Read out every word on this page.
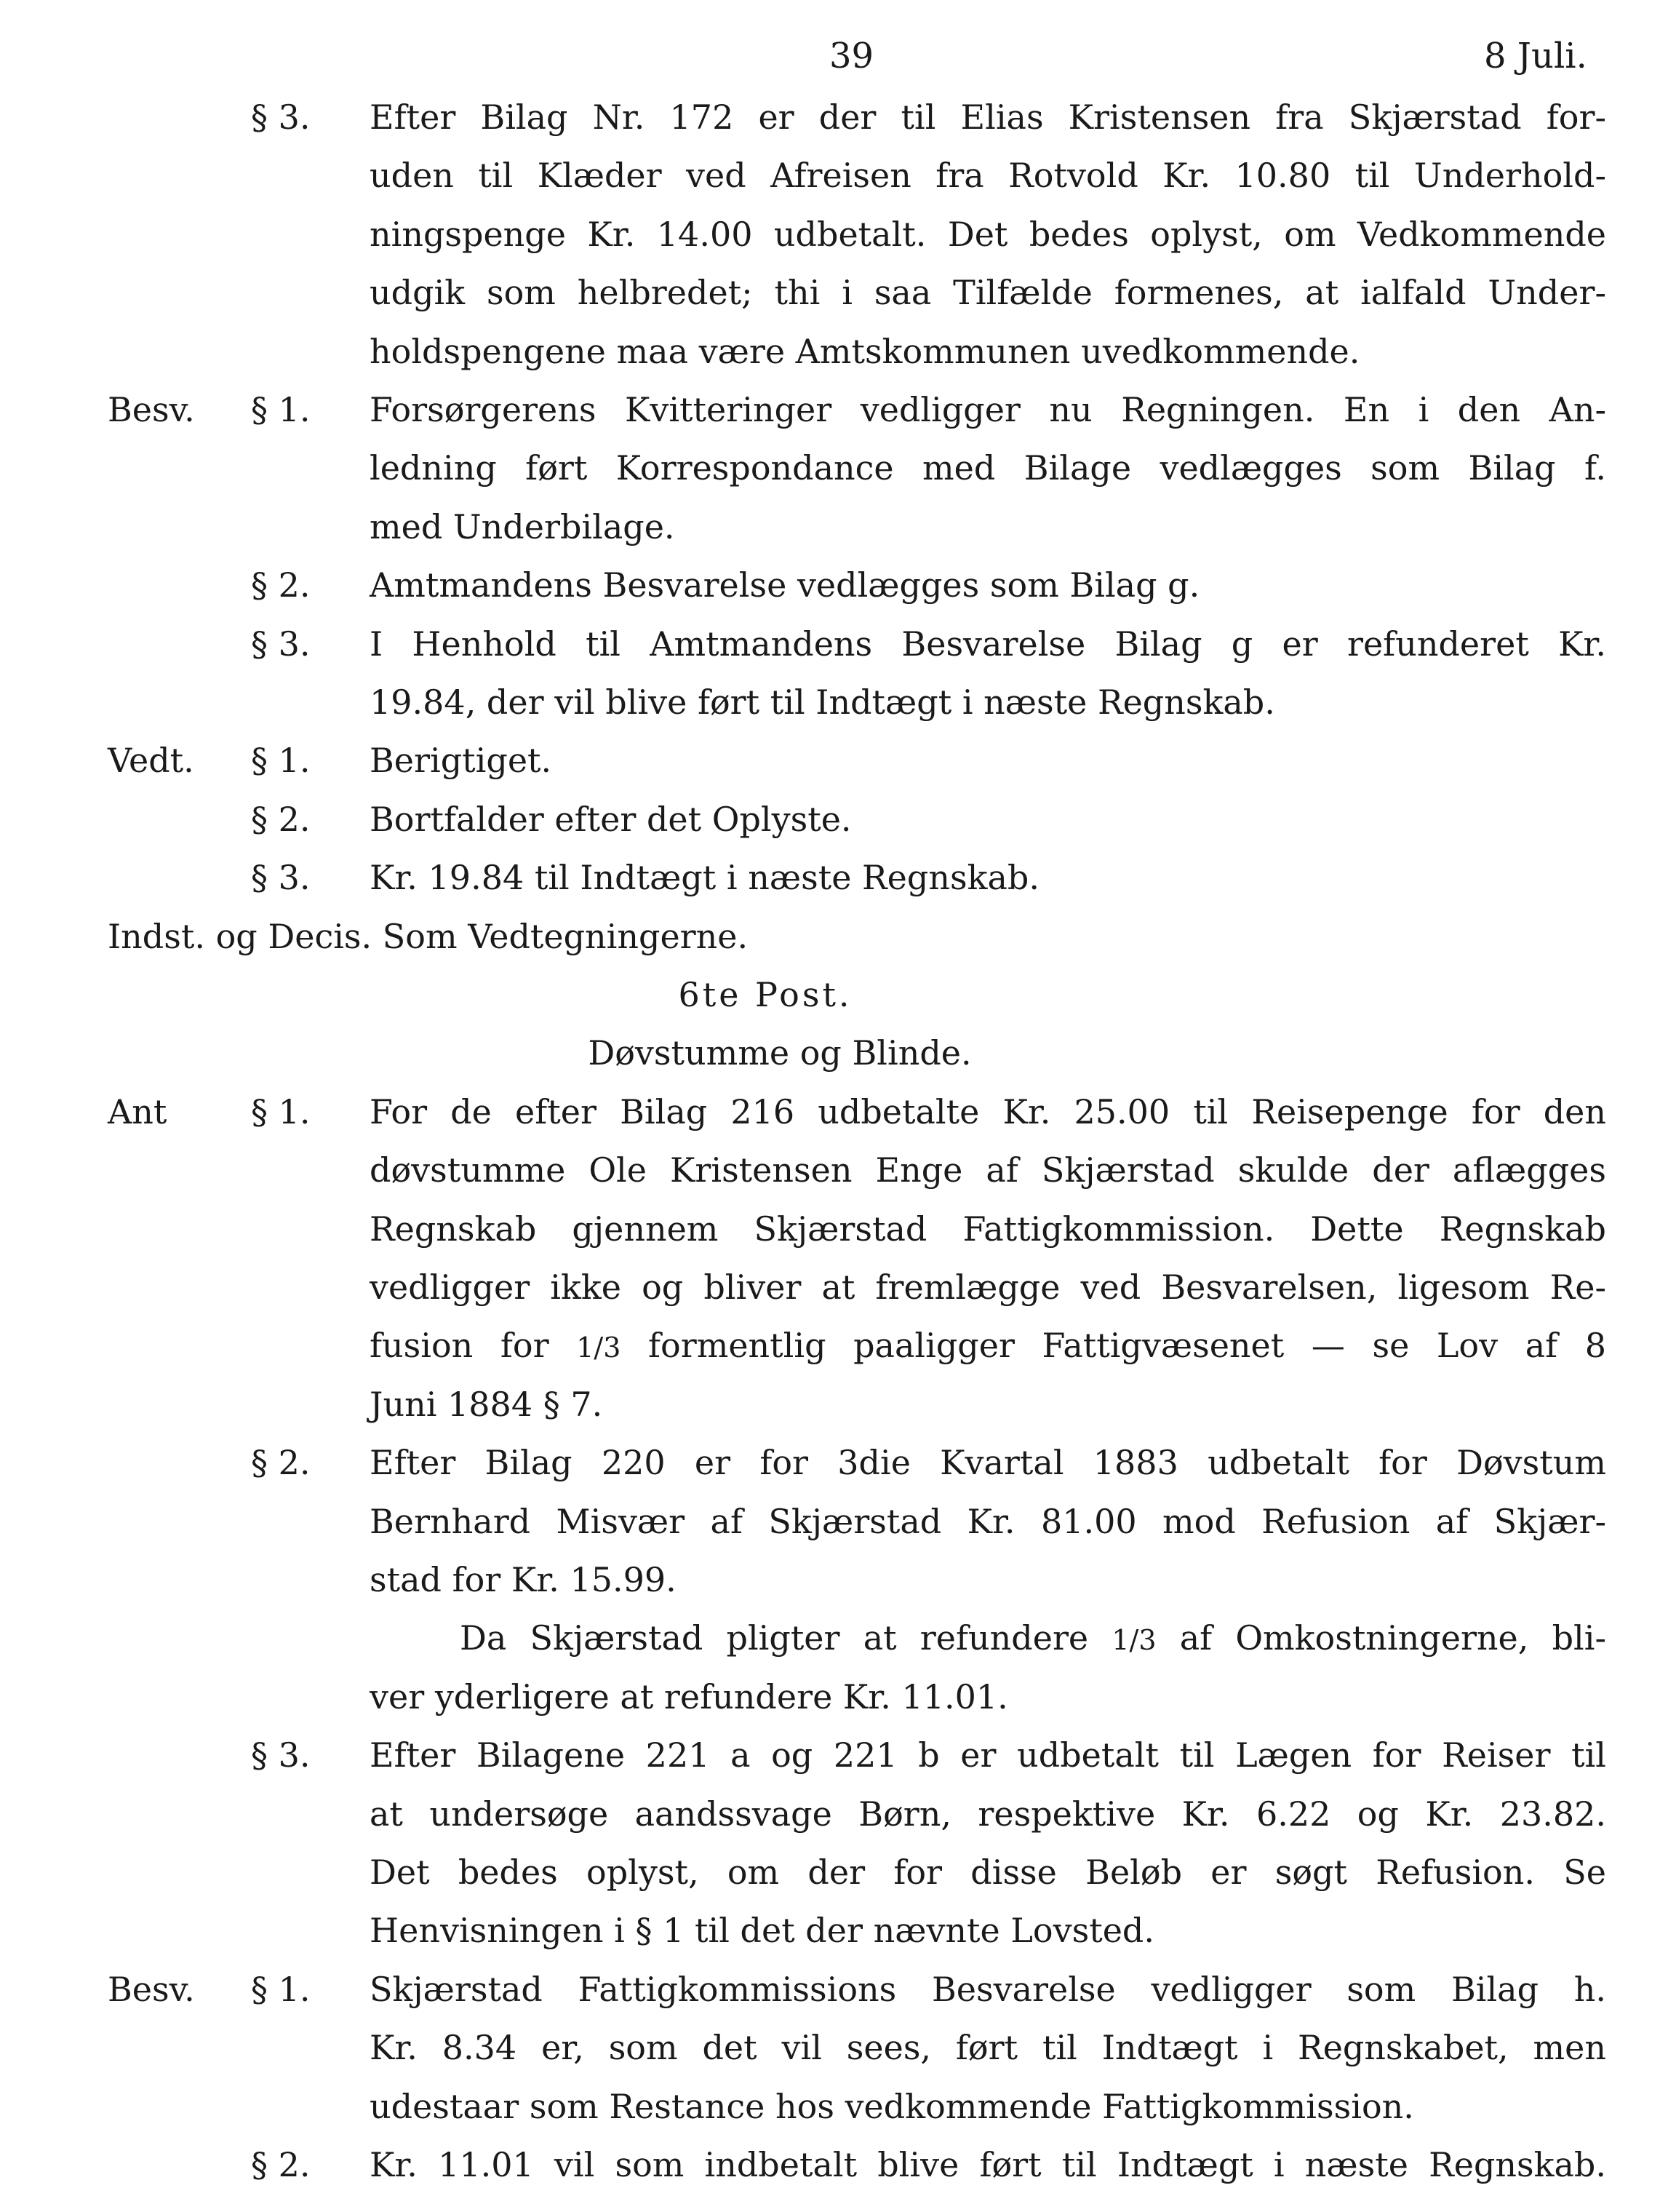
39	8 Juli.
§ 3. Efter Bilag Nr. 172 er der til Elias Kristensen fra Skjærstad for-
uden til Klæder ved Afreisen fra Rotvold Kr. 10.80 til Underhold-
ningspenge Kr. 14.00 udbetalt. Det bedes oplyst, om Vedkommende
udgik som helbredet; thi i saa Tilfælde formenes, at ialfald Under-
holdspengene maa være Amtskommunen uvedkommende.
Besv. § 1. Forsørgerens Kvitteringer vedligger nu Regningen. En i den An-
ledning ført Korrespondance med Bilage vedlægges som Bilag f.
med Underbilage.
§ 2. Amtmandens Besvarelse vedlægges som Bilag g.
§ 3. I Henhold til Amtmandens Besvarelse Bilag g er refunderet Kr.
19.84, der vil blive ført til Indtægt i næste Regnskab.
Vedt. § 1. Berigtiget.
§ 2. Bortfalder efter det Oplyste.
§ 3. Kr. 19.84 til Indtægt i næste Regnskab.
Indst. og Decis. Som Vedtegningerne.
6te Post.
Døvstumme og Blinde.
Ant	§ 1. For de efter Bilag 216 udbetalte Kr. 25.00 til Reisepenge for den
døvstumme Ole Kristensen Enge af Skjærstad skulde der aflægges
Regnskab gjennem Skjærstad Fattigkommission. Dette Regnskab
vedligger ikke og bliver at fremlægge ved Besvarelsen, ligesom Re-
fusion for 1/3 formentlig paaligger Fattigvæsenet — se Lov af 8
Juni 1884 § 7.
§ 2. Efter Bilag 220 er for 3die Kvartal 1883 udbetalt for Døvstum
Bernhard Misvær af Skjærstad Kr. 81.00 mod Refusion af Skjær-
stad for Kr. 15.99.
Da Skjærstad pligter at refundere 1/3 af Omkostningerne, bli-
ver yderligere at refundere Kr. 11.01.
§ 3. Efter Bilagene 221 a og 221 b er udbetalt til Lægen for Reiser til
at undersøge aandssvage Børn, respektive Kr. 6.22 og Kr. 23.82.
Det bedes oplyst, om der for disse Beløb er søgt Refusion. Se
Henvisningen i § 1 til det der nævnte Lovsted.
Besv. § 1. Skjærstad Fattigkommissions Besvarelse vedligger som Bilag h.
Kr. 8.34 er, som det vil sees, ført til Indtægt i Regnskabet, men
udestaar som Restance hos vedkommende Fattigkommission.
§ 2. Kr. 11.01 vil som indbetalt blive ført til Indtægt i næste Regnskab.
